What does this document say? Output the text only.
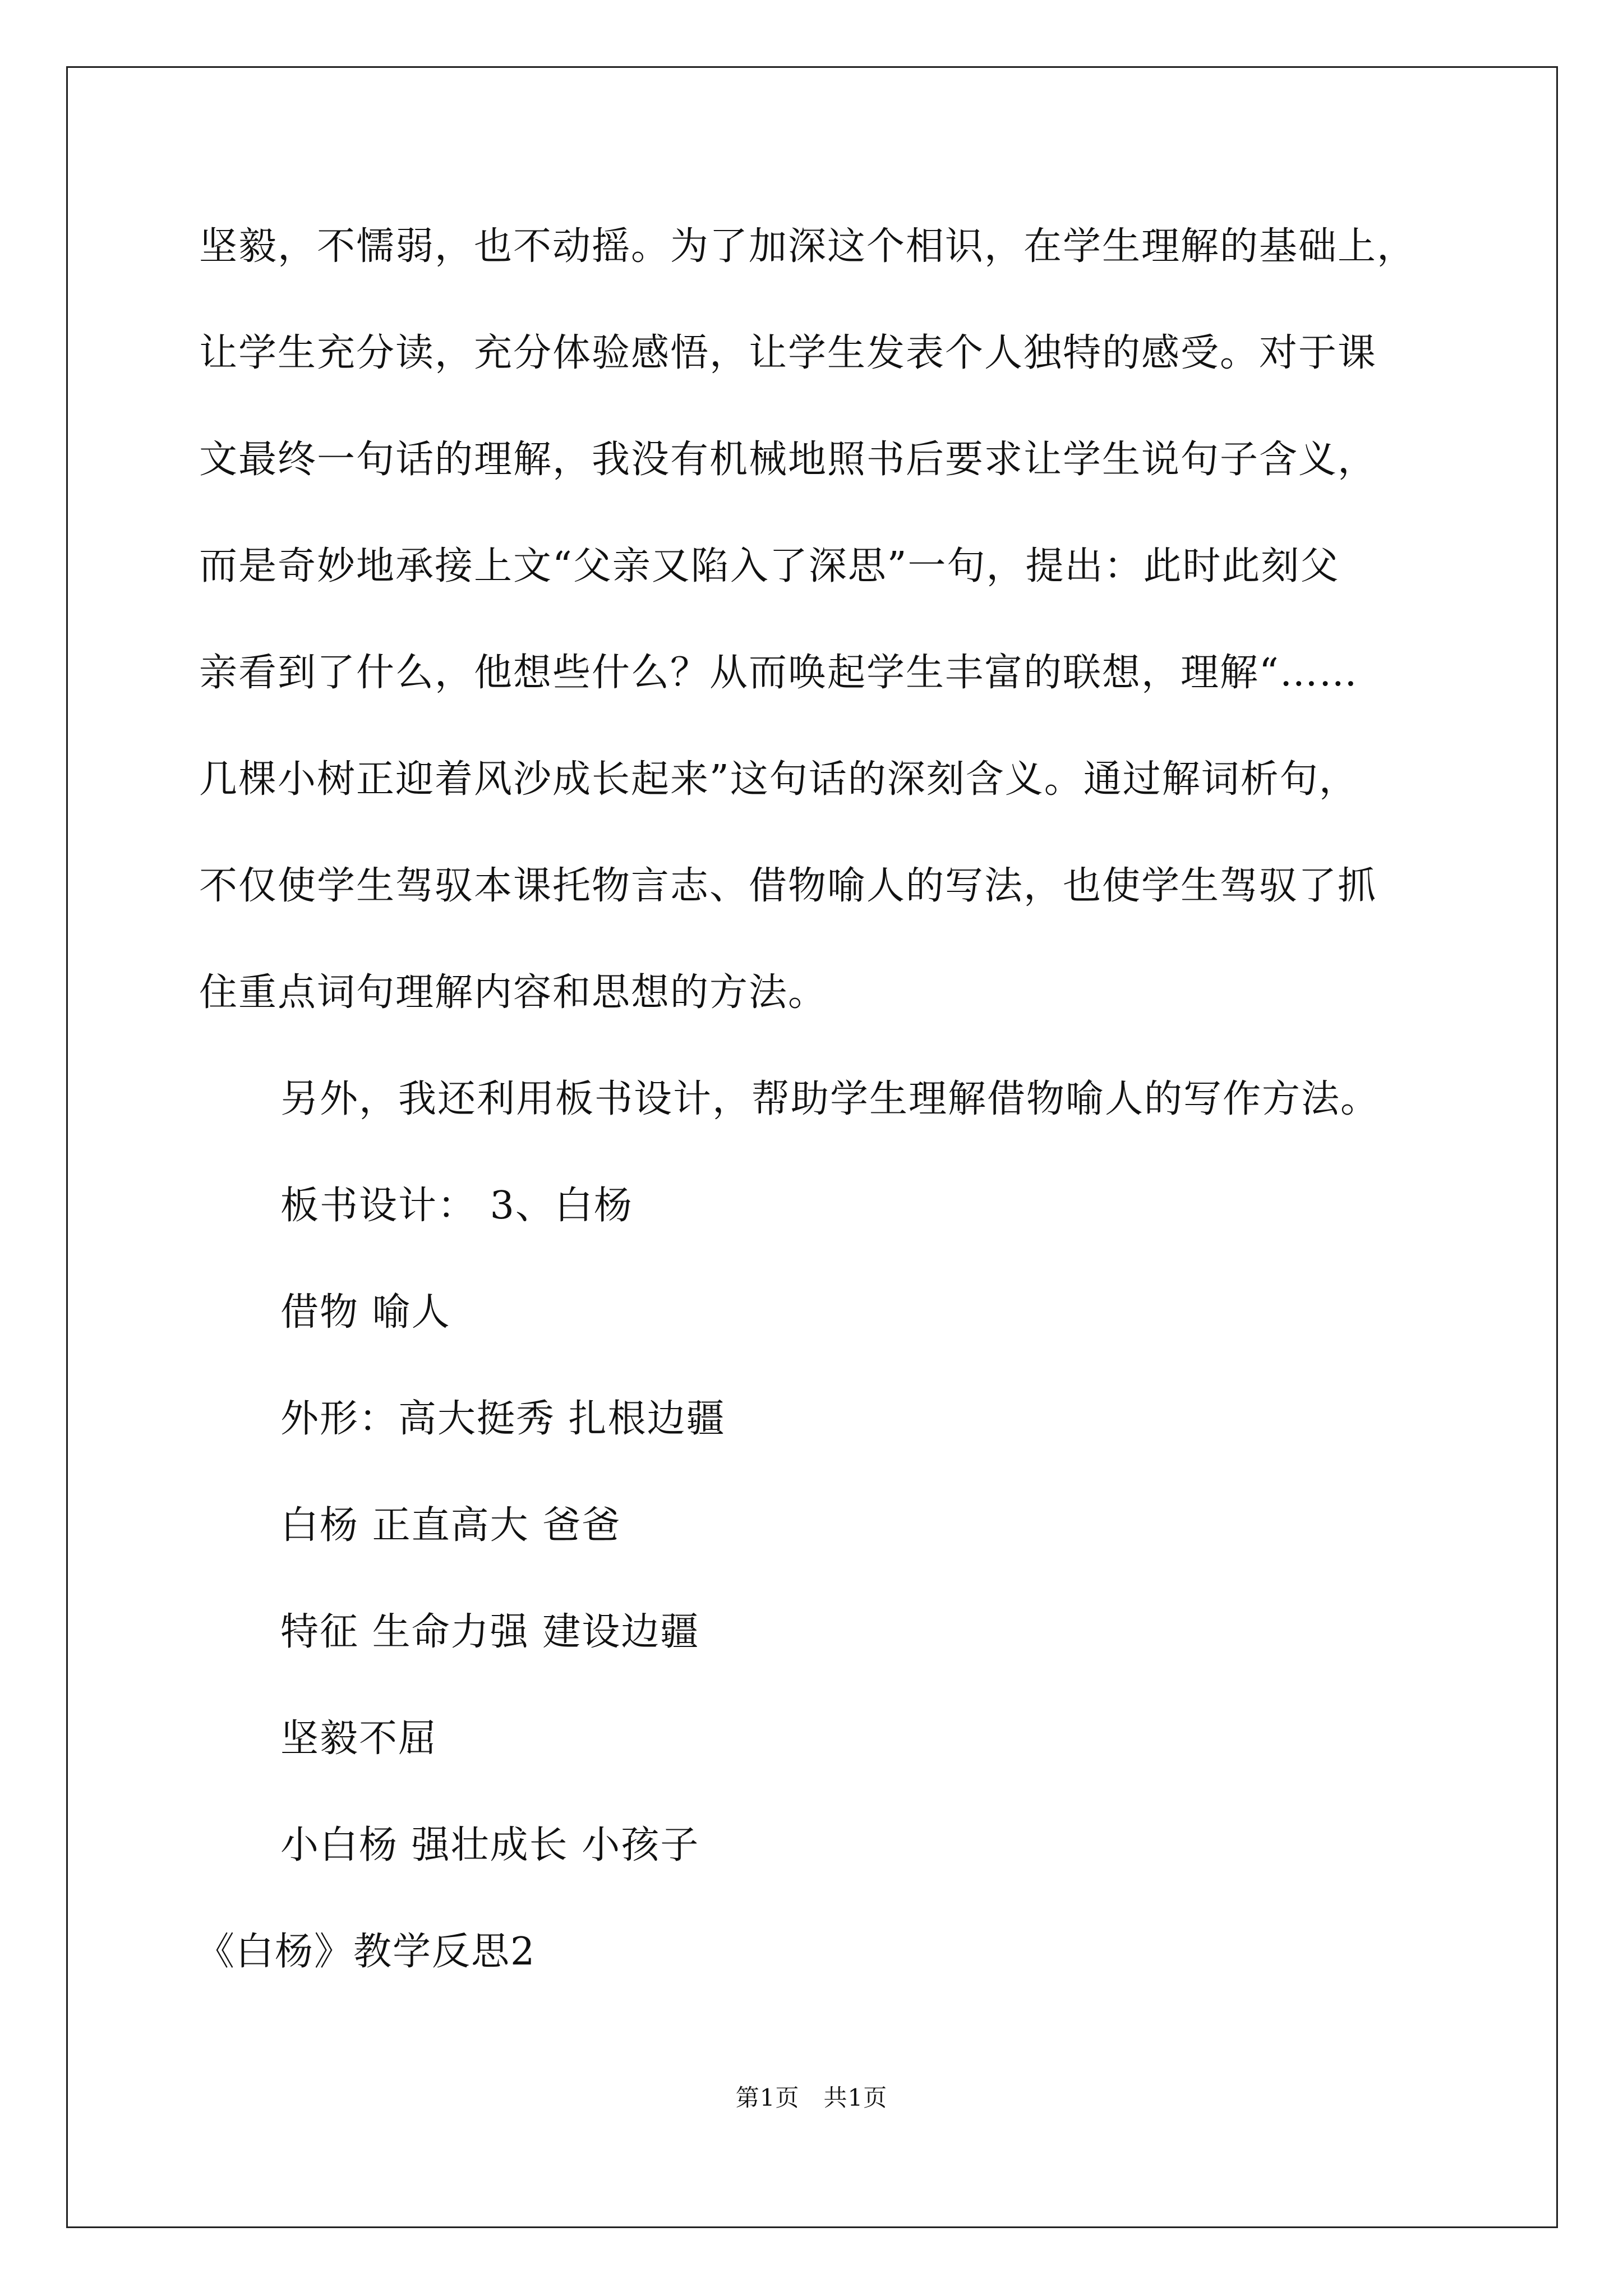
坚毅，不懦弱，也不动摇。为了加深这个相识，在学生理解的基础上，
让学生充分读，充分体验感悟，让学生发表个人独特的感受。对于课
文最终一句话的理解，我没有机械地照书后要求让学生说句子含义，
而是奇妙地承接上文“父亲又陷入了深思”一句，提出：此时此刻父
亲看到了什么，他想些什么？从而唤起学生丰富的联想，理解“……
几棵小树正迎着风沙成长起来”这句话的深刻含义。通过解词析句，
不仅使学生驾驭本课托物言志、借物喻人的写法，也使学生驾驭了抓
住重点词句理解内容和思想的方法。
另外，我还利用板书设计，帮助学生理解借物喻人的写作方法。
板书设计： 3、白杨
借物 喻人
外形：高大挺秀 扎根边疆
白杨 正直高大 爸爸
特征 生命力强 建设边疆
坚毅不屈
小白杨 强壮成长 小孩子
《白杨》教学反思2
第1页　共1页
